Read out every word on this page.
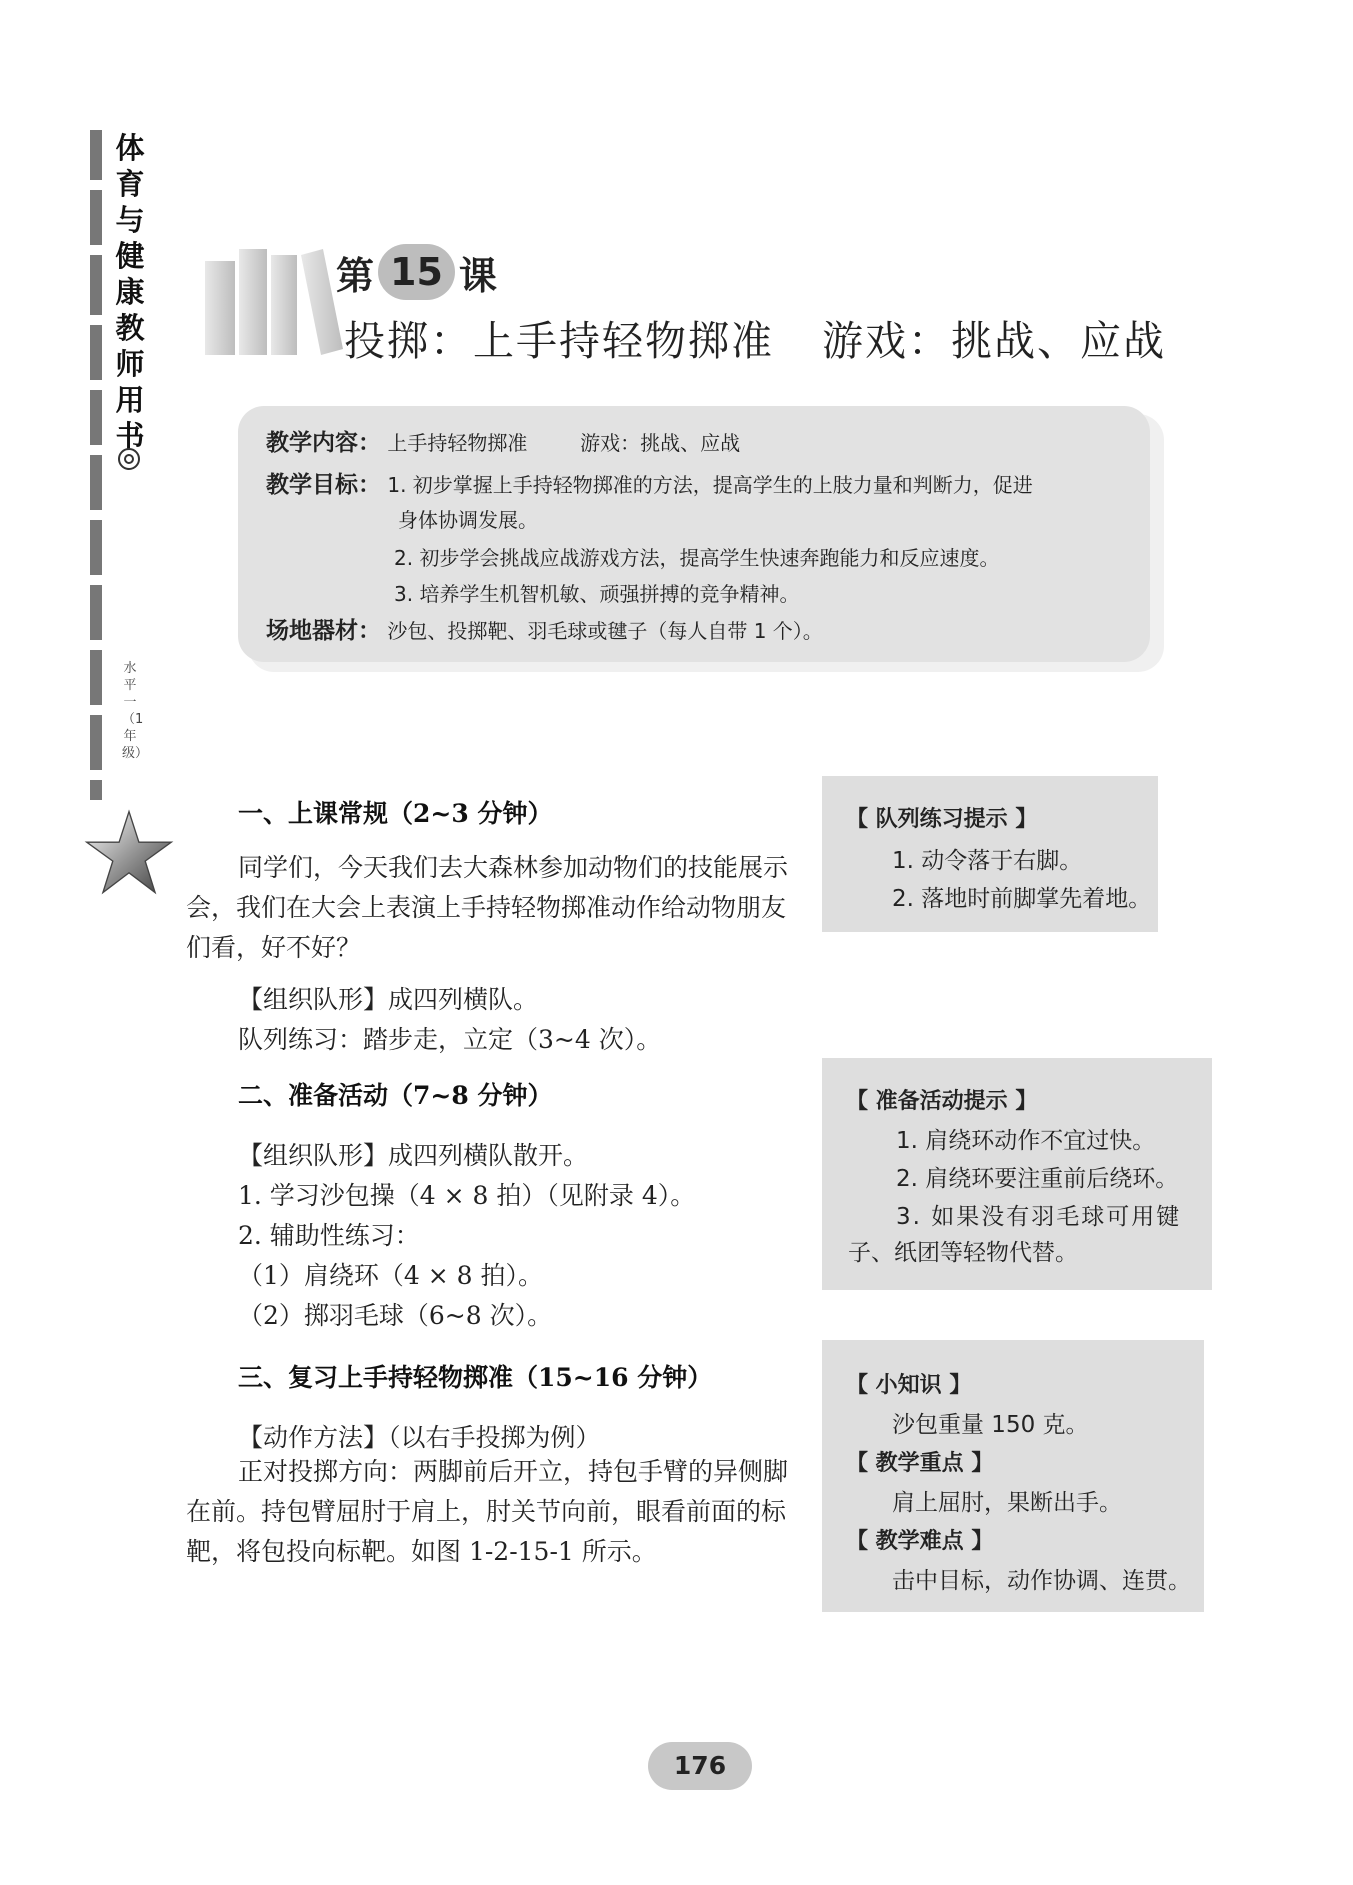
体育与健康教师用书
水平一（1年级）
第 15 课
投掷：上手持轻物掷准 游戏：挑战、应战
教学内容： 上手持轻物掷准	游戏：挑战、应战
教学目标： 1. 初步掌握上手持轻物掷准的方法，提高学生的上肢力量和判断力，促进
身体协调发展。
2. 初步学会挑战应战游戏方法，提高学生快速奔跑能力和反应速度。
3. 培养学生机智机敏、顽强拼搏的竞争精神。
场地器材： 沙包、投掷靶、羽毛球或毽子（每人自带 1 个）。
一、上课常规（2~3 分钟）
同学们，今天我们去大森林参加动物们的技能展示会，我们在大会上表演上手持轻物掷准动作给动物朋友们看，好不好？
【组织队形】成四列横队。
队列练习：踏步走，立定（3~4 次）。
二、准备活动（7~8 分钟）
【组织队形】成四列横队散开。
1. 学习沙包操（4 × 8 拍）（见附录 4）。
2. 辅助性练习：
（1）肩绕环（4 × 8 拍）。
（2）掷羽毛球（6~8 次）。
三、复习上手持轻物掷准（15~16 分钟）
【动作方法】（以右手投掷为例）
正对投掷方向：两脚前后开立，持包手臂的异侧脚在前。持包臂屈肘于肩上，肘关节向前，眼看前面的标靶，将包投向标靶。如图 1-2-15-1 所示。
【 队列练习提示 】
1. 动令落于右脚。
2. 落地时前脚掌先着地。
【 准备活动提示 】
1. 肩绕环动作不宜过快。
2. 肩绕环要注重前后绕环。
3. 如果没有羽毛球可用键
子、纸团等轻物代替。
【 小知识 】
沙包重量 150 克。
【 教学重点 】
肩上屈肘，果断出手。
【 教学难点 】
击中目标，动作协调、连贯。
176
